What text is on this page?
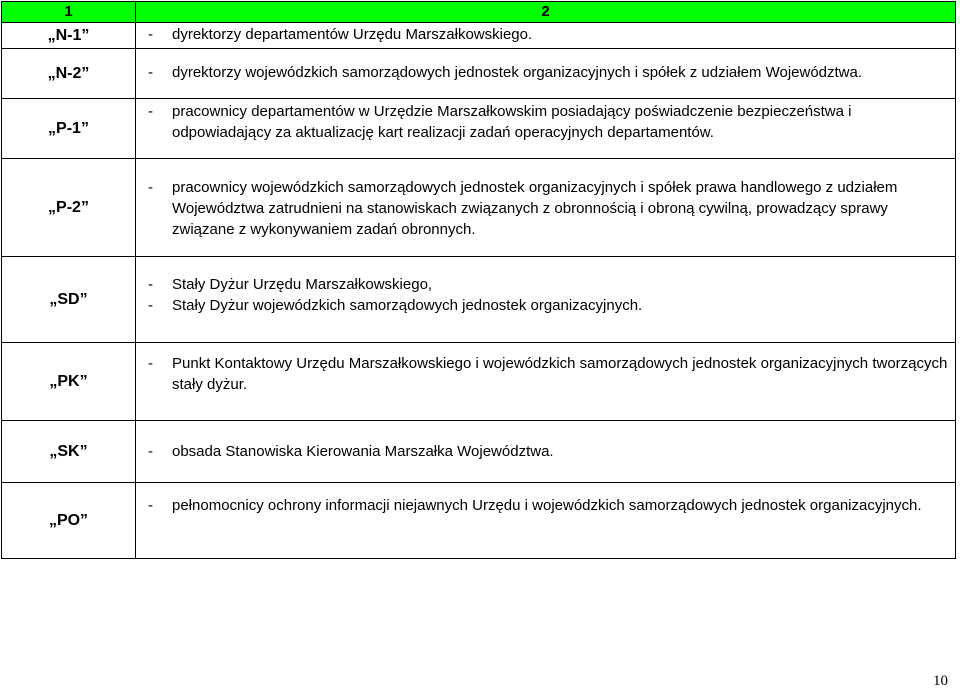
1	2
„N-1”	- dyrektorzy departamentów Urzędu Marszałkowskiego.

„N-2”	- dyrektorzy wojewódzkich samorządowych jednostek organizacyjnych i spółek z udziałem Województwa.

„P-1”	- pracownicy departamentów w Urzędzie Marszałkowskim posiadający poświadczenie bezpieczeństwa i odpowiadający za aktualizację kart realizacji zadań operacyjnych departamentów.

„P-2”	- pracownicy wojewódzkich samorządowych jednostek organizacyjnych i spółek prawa handlowego z udziałem Województwa zatrudnieni na stanowiskach związanych z obronnością i obroną cywilną, prowadzący sprawy związane z wykonywaniem zadań obronnych.

„SD”	- Stały Dyżur Urzędu Marszałkowskiego,
- Stały Dyżur wojewódzkich samorządowych jednostek organizacyjnych.

„PK”	- Punkt Kontaktowy Urzędu Marszałkowskiego i wojewódzkich samorządowych jednostek organizacyjnych tworzących stały dyżur.

„SK”	- obsada Stanowiska Kierowania Marszałka Województwa.

„PO”	- pełnomocnicy ochrony informacji niejawnych Urzędu i wojewódzkich samorządowych jednostek organizacyjnych.
10
